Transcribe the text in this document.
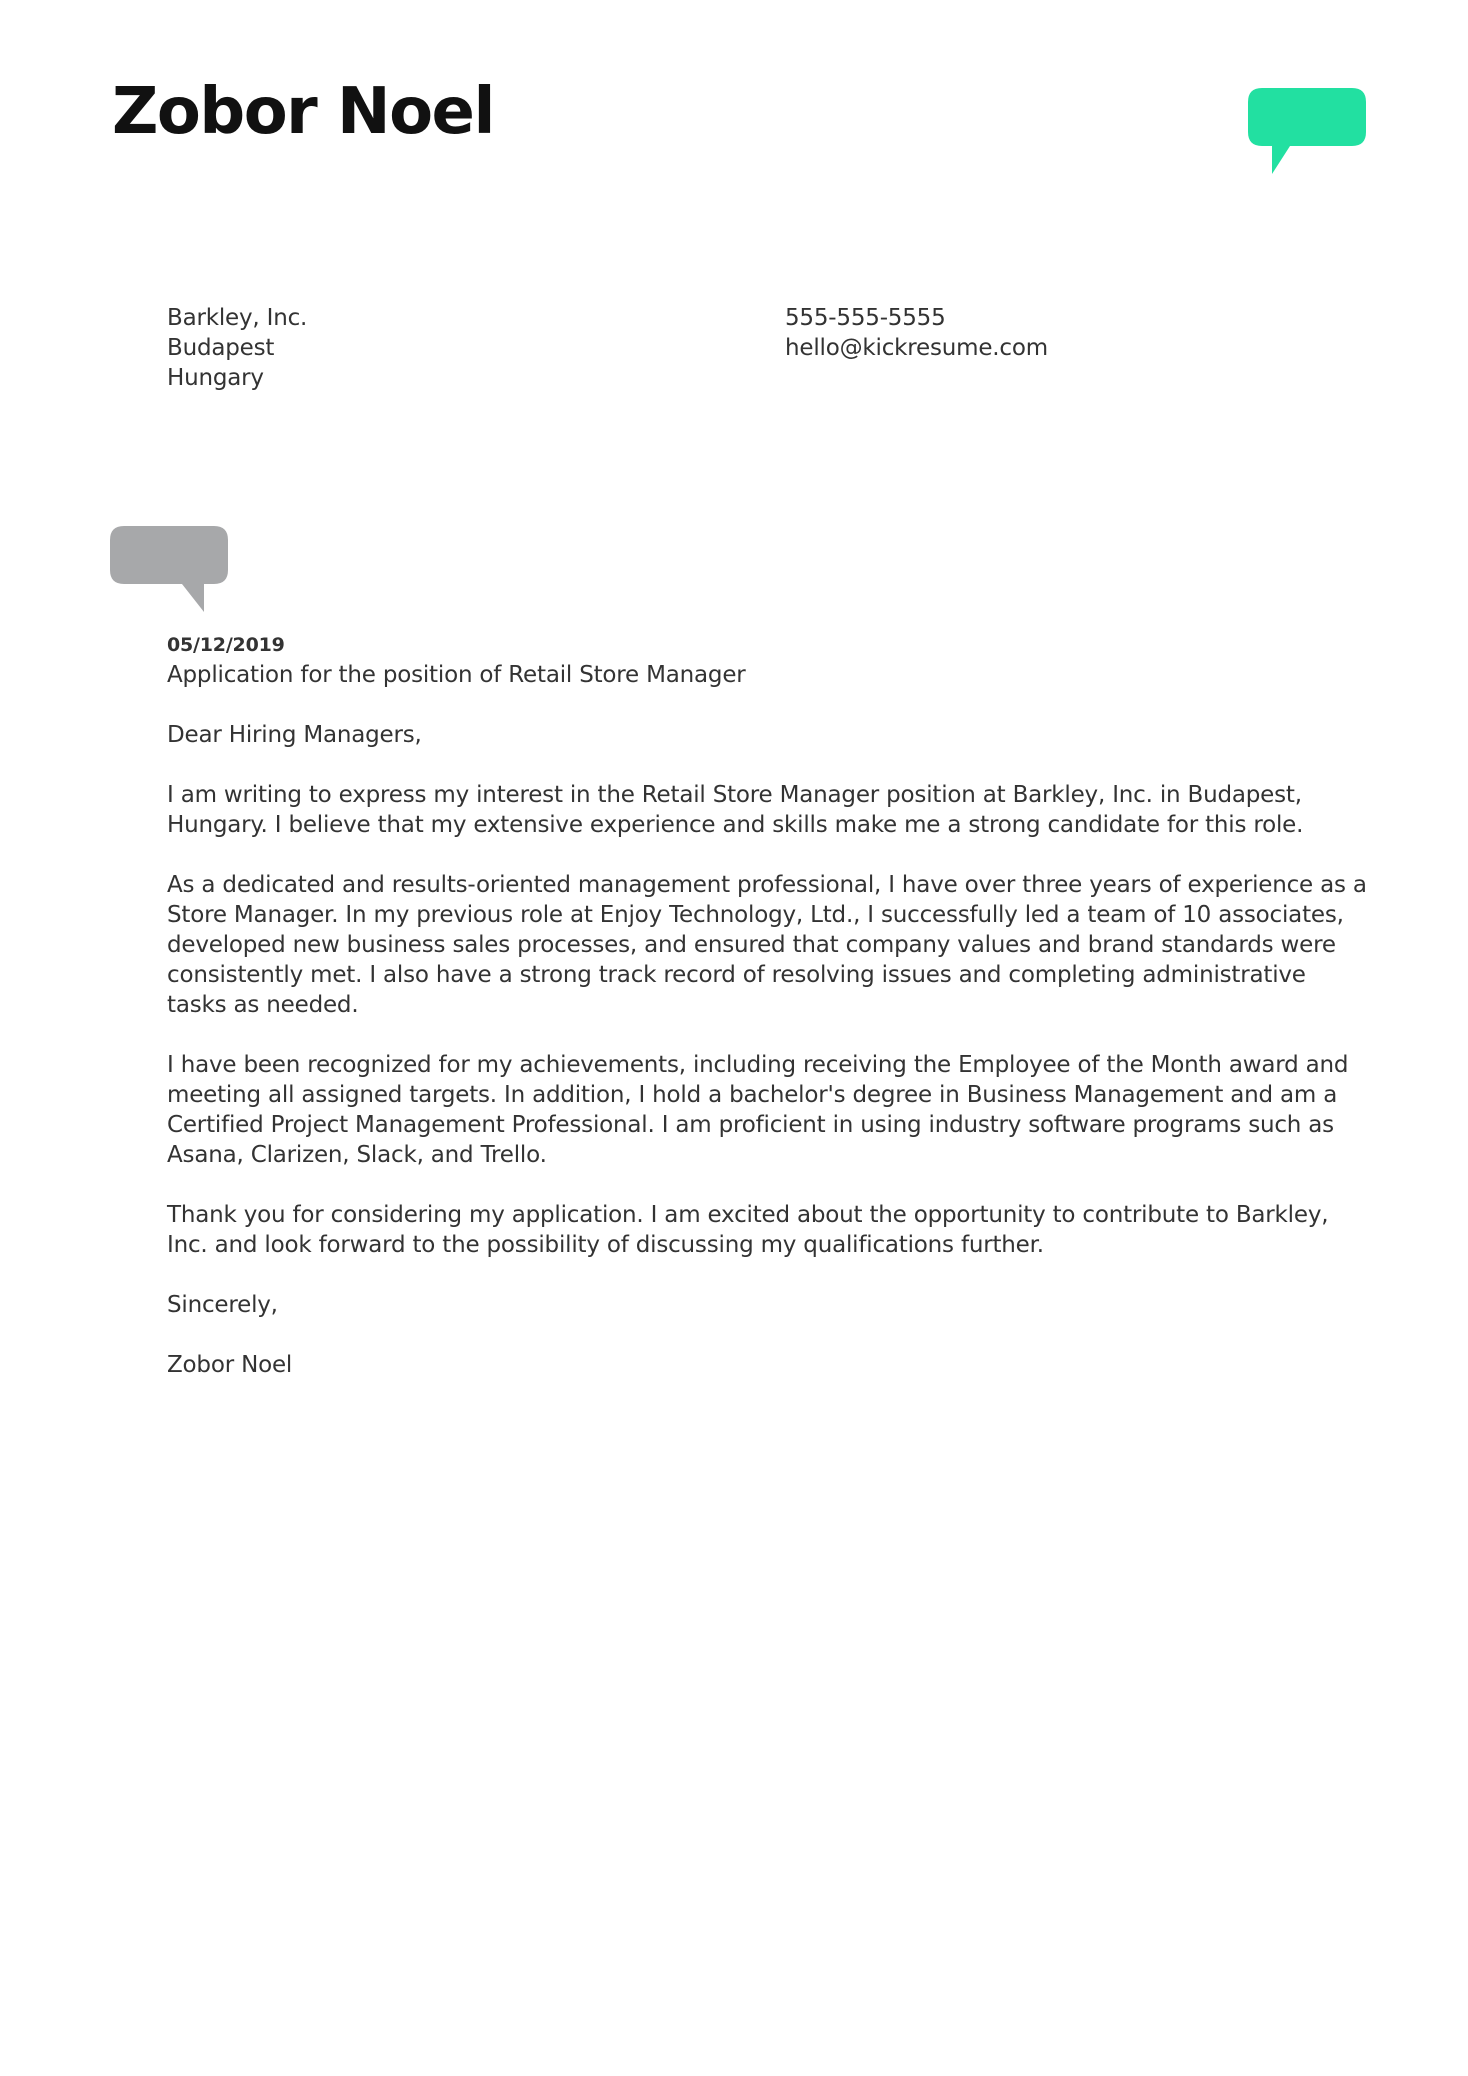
Zobor Noel
Barkley, Inc.
Budapest
Hungary
555-555-5555
hello@kickresume.com
05/12/2019
Application for the position of Retail Store Manager

Dear Hiring Managers,

I am writing to express my interest in the Retail Store Manager position at Barkley, Inc. in Budapest, Hungary. I believe that my extensive experience and skills make me a strong candidate for this role.

As a dedicated and results-oriented management professional, I have over three years of experience as a Store Manager. In my previous role at Enjoy Technology, Ltd., I successfully led a team of 10 associates, developed new business sales processes, and ensured that company values and brand standards were consistently met. I also have a strong track record of resolving issues and completing administrative tasks as needed.

I have been recognized for my achievements, including receiving the Employee of the Month award and meeting all assigned targets. In addition, I hold a bachelor's degree in Business Management and am a Certified Project Management Professional. I am proficient in using industry software programs such as Asana, Clarizen, Slack, and Trello.

Thank you for considering my application. I am excited about the opportunity to contribute to Barkley, Inc. and look forward to the possibility of discussing my qualifications further.

Sincerely,

Zobor Noel
